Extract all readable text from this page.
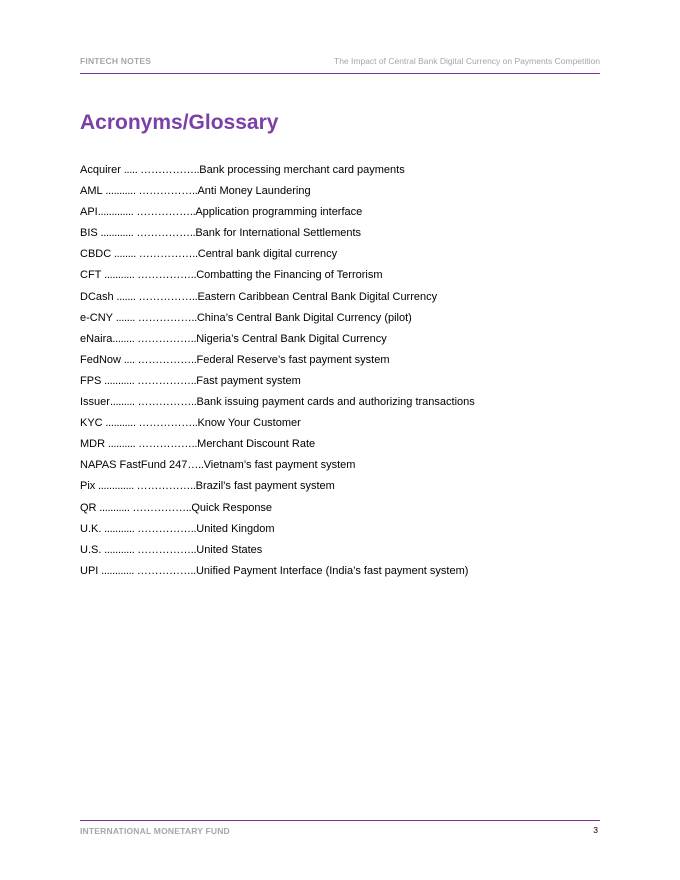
FINTECH NOTES	The Impact of Central Bank Digital Currency on Payments Competition
Acronyms/Glossary
Acquirer ..... ……………..Bank processing merchant card payments
AML ........... ……………..Anti Money Laundering
API............. ……………..Application programming interface
BIS ............ ……………..Bank for International Settlements
CBDC ........ ……………..Central bank digital currency
CFT ........... ……………..Combatting the Financing of Terrorism
DCash ....... ……………..Eastern Caribbean Central Bank Digital Currency
e-CNY ....... ……………..China’s Central Bank Digital Currency (pilot)
eNaira........ ……………..Nigeria’s Central Bank Digital Currency
FedNow .... ……………..Federal Reserve’s fast payment system
FPS ........... ……………..Fast payment system
Issuer......... ……………..Bank issuing payment cards and authorizing transactions
KYC ........... ……………..Know Your Customer
MDR .......... ……………..Merchant Discount Rate
NAPAS FastFund 247…..Vietnam’s fast payment system
Pix ............. ……………..Brazil’s fast payment system
QR ........... ……………..Quick Response
U.K. ........... ……………..United Kingdom
U.S. ........... ……………..United States
UPI ............ ……………..Unified Payment Interface (India’s fast payment system)
INTERNATIONAL MONETARY FUND	3
